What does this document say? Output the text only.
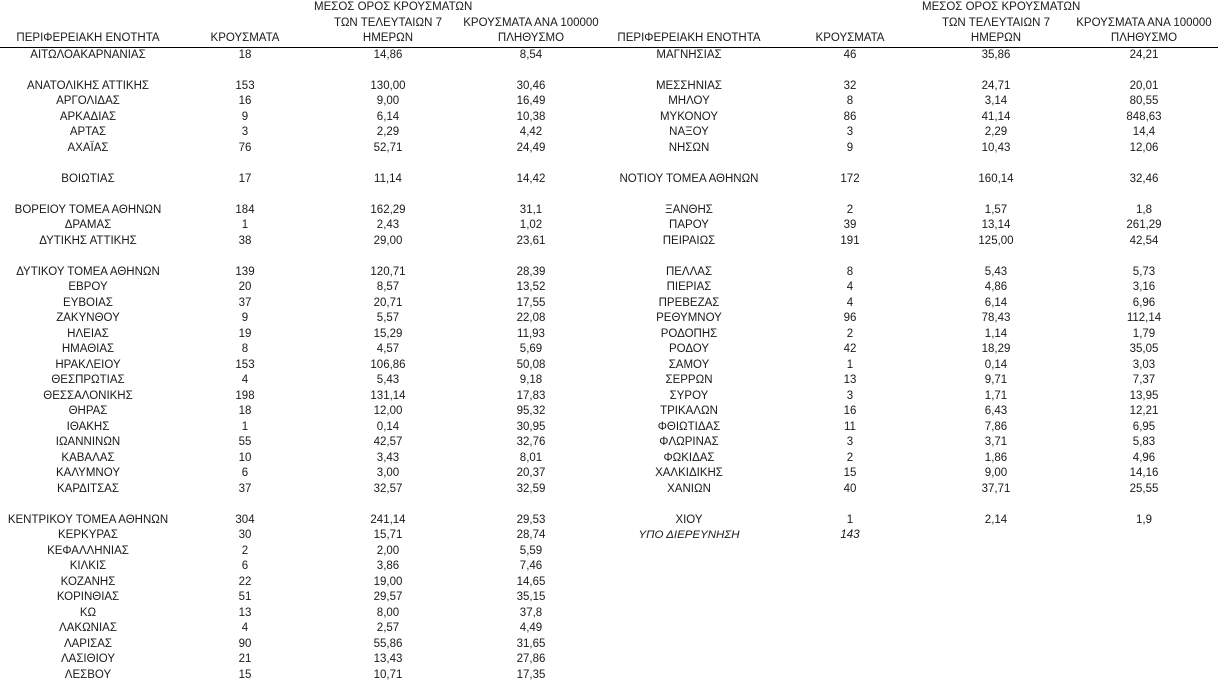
		ΜΕΣΟΣ ΟΡΟΣ ΚΡΟΥΣΜΑΤΩΝ	
		ΤΩΝ ΤΕΛΕΥΤΑΙΩΝ 7	ΚΡΟΥΣΜΑΤΑ ΑΝΑ 100000
ΠΕΡΙΦΕΡΕΙΑΚΗ ΕΝΟΤΗΤΑ	ΚΡΟΥΣΜΑΤΑ	ΗΜΕΡΩΝ	ΠΛΗΘΥΣΜΟ

ΑΙΤΩΛΟΑΚΑΡΝΑΝΙΑΣ	18	14,86	8,54

ΑΝΑΤΟΛΙΚΗΣ ΑΤΤΙΚΗΣ	153	130,00	30,46
ΑΡΓΟΛΙΔΑΣ	16	9,00	16,49
ΑΡΚΑΔΙΑΣ	9	6,14	10,38
ΑΡΤΑΣ	3	2,29	4,42
ΑΧΑΪΑΣ	76	52,71	24,49

ΒΟΙΩΤΙΑΣ	17	11,14	14,42

ΒΟΡΕΙΟΥ ΤΟΜΕΑ ΑΘΗΝΩΝ	184	162,29	31,1
ΔΡΑΜΑΣ	1	2,43	1,02
ΔΥΤΙΚΗΣ ΑΤΤΙΚΗΣ	38	29,00	23,61

ΔΥΤΙΚΟΥ ΤΟΜΕΑ ΑΘΗΝΩΝ	139	120,71	28,39
ΕΒΡΟΥ	20	8,57	13,52
ΕΥΒΟΙΑΣ	37	20,71	17,55
ΖΑΚΥΝΘΟΥ	9	5,57	22,08
ΗΛΕΙΑΣ	19	15,29	11,93
ΗΜΑΘΙΑΣ	8	4,57	5,69
ΗΡΑΚΛΕΙΟΥ	153	106,86	50,08
ΘΕΣΠΡΩΤΙΑΣ	4	5,43	9,18
ΘΕΣΣΑΛΟΝΙΚΗΣ	198	131,14	17,83
ΘΗΡΑΣ	18	12,00	95,32
ΙΘΑΚΗΣ	1	0,14	30,95
ΙΩΑΝΝΙΝΩΝ	55	42,57	32,76
ΚΑΒΑΛΑΣ	10	3,43	8,01
ΚΑΛΥΜΝΟΥ	6	3,00	20,37
ΚΑΡΔΙΤΣΑΣ	37	32,57	32,59

ΚΕΝΤΡΙΚΟΥ ΤΟΜΕΑ ΑΘΗΝΩΝ	304	241,14	29,53
ΚΕΡΚΥΡΑΣ	30	15,71	28,74
ΚΕΦΑΛΛΗΝΙΑΣ	2	2,00	5,59
ΚΙΛΚΙΣ	6	3,86	7,46
ΚΟΖΑΝΗΣ	22	19,00	14,65
ΚΟΡΙΝΘΙΑΣ	51	29,57	35,15
ΚΩ	13	8,00	37,8
ΛΑΚΩΝΙΑΣ	4	2,57	4,49
ΛΑΡΙΣΑΣ	90	55,86	31,65
ΛΑΣΙΘΙΟΥ	21	13,43	27,86
ΛΕΣΒΟΥ	15	10,71	17,35
		ΜΕΣΟΣ ΟΡΟΣ ΚΡΟΥΣΜΑΤΩΝ	
		ΤΩΝ ΤΕΛΕΥΤΑΙΩΝ 7	ΚΡΟΥΣΜΑΤΑ ΑΝΑ 100000
ΠΕΡΙΦΕΡΕΙΑΚΗ ΕΝΟΤΗΤΑ	ΚΡΟΥΣΜΑΤΑ	ΗΜΕΡΩΝ	ΠΛΗΘΥΣΜΟ

ΜΑΓΝΗΣΙΑΣ	46	35,86	24,21

ΜΕΣΣΗΝΙΑΣ	32	24,71	20,01
ΜΗΛΟΥ	8	3,14	80,55
ΜΥΚΟΝΟΥ	86	41,14	848,63
ΝΑΞΟΥ	3	2,29	14,4
ΝΗΣΩΝ	9	10,43	12,06

ΝΟΤΙΟΥ ΤΟΜΕΑ ΑΘΗΝΩΝ	172	160,14	32,46

ΞΑΝΘΗΣ	2	1,57	1,8
ΠΑΡΟΥ	39	13,14	261,29
ΠΕΙΡΑΙΩΣ	191	125,00	42,54

ΠΕΛΛΑΣ	8	5,43	5,73
ΠΙΕΡΙΑΣ	4	4,86	3,16
ΠΡΕΒΕΖΑΣ	4	6,14	6,96
ΡΕΘΥΜΝΟΥ	96	78,43	112,14
ΡΟΔΟΠΗΣ	2	1,14	1,79
ΡΟΔΟΥ	42	18,29	35,05
ΣΑΜΟΥ	1	0,14	3,03
ΣΕΡΡΩΝ	13	9,71	7,37
ΣΥΡΟΥ	3	1,71	13,95
ΤΡΙΚΑΛΩΝ	16	6,43	12,21
ΦΘΙΩΤΙΔΑΣ	11	7,86	6,95
ΦΛΩΡΙΝΑΣ	3	3,71	5,83
ΦΩΚΙΔΑΣ	2	1,86	4,96
ΧΑΛΚΙΔΙΚΗΣ	15	9,00	14,16
ΧΑΝΙΩΝ	40	37,71	25,55

ΧΙΟΥ	1	2,14	1,9
ΥΠΟ ΔΙΕΡΕΥΝΗΣΗ	143		
